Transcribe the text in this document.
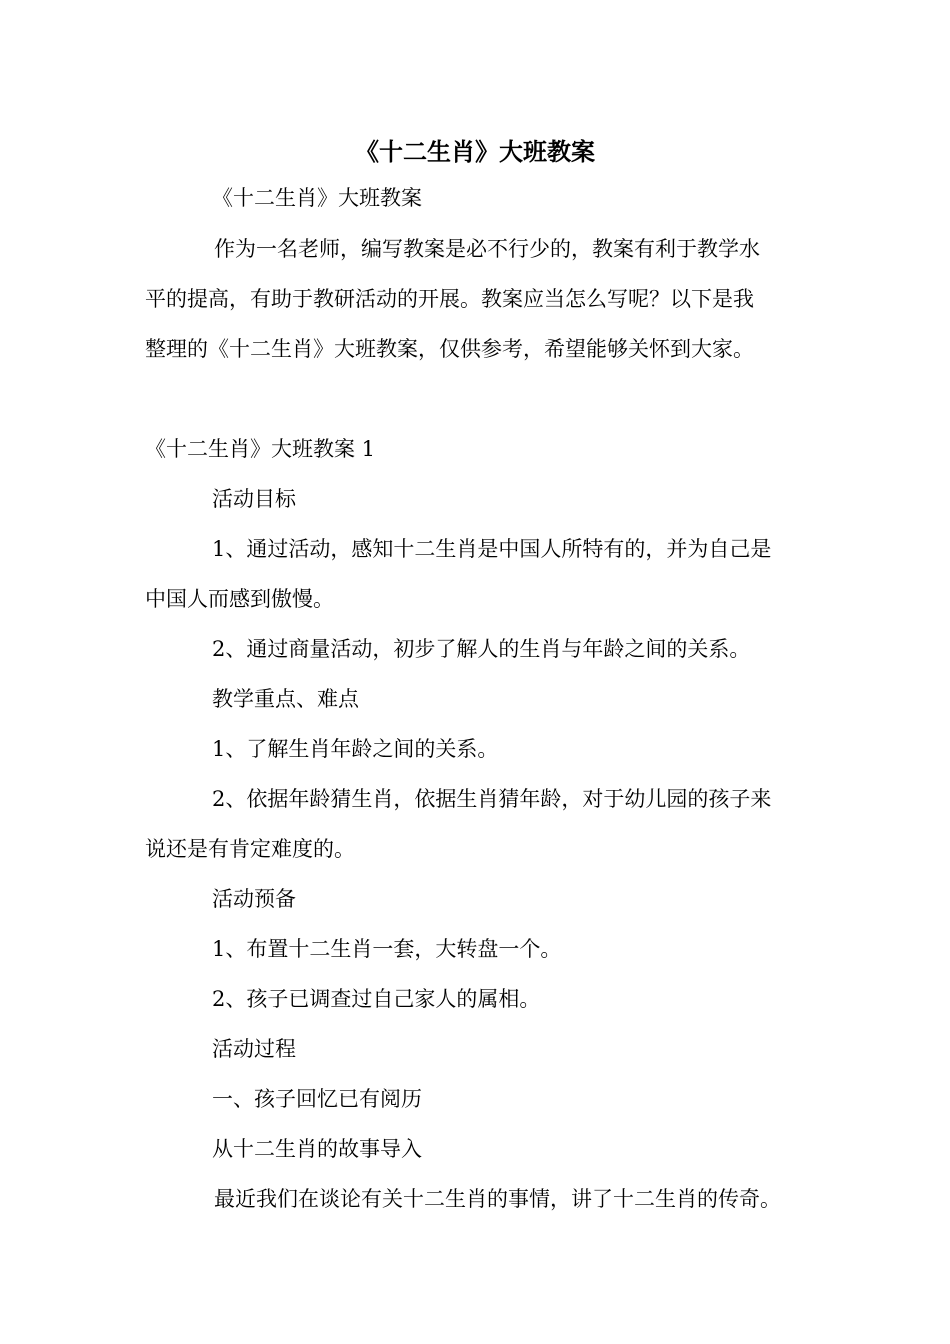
《十二生肖》大班教案
《十二生肖》大班教案
作为一名老师，编写教案是必不行少的，教案有利于教学水
平的提高，有助于教研活动的开展。教案应当怎么写呢？以下是我
整理的《十二生肖》大班教案，仅供参考，希望能够关怀到大家。
《十二生肖》大班教案 1
活动目标
1、通过活动，感知十二生肖是中国人所特有的，并为自己是
中国人而感到傲慢。
2、通过商量活动，初步了解人的生肖与年龄之间的关系。
教学重点、难点
1、了解生肖年龄之间的关系。
2、依据年龄猜生肖，依据生肖猜年龄，对于幼儿园的孩子来
说还是有肯定难度的。
活动预备
1、布置十二生肖一套，大转盘一个。
2、孩子已调查过自己家人的属相。
活动过程
一、孩子回忆已有阅历
从十二生肖的故事导入
最近我们在谈论有关十二生肖的事情，讲了十二生肖的传奇。
